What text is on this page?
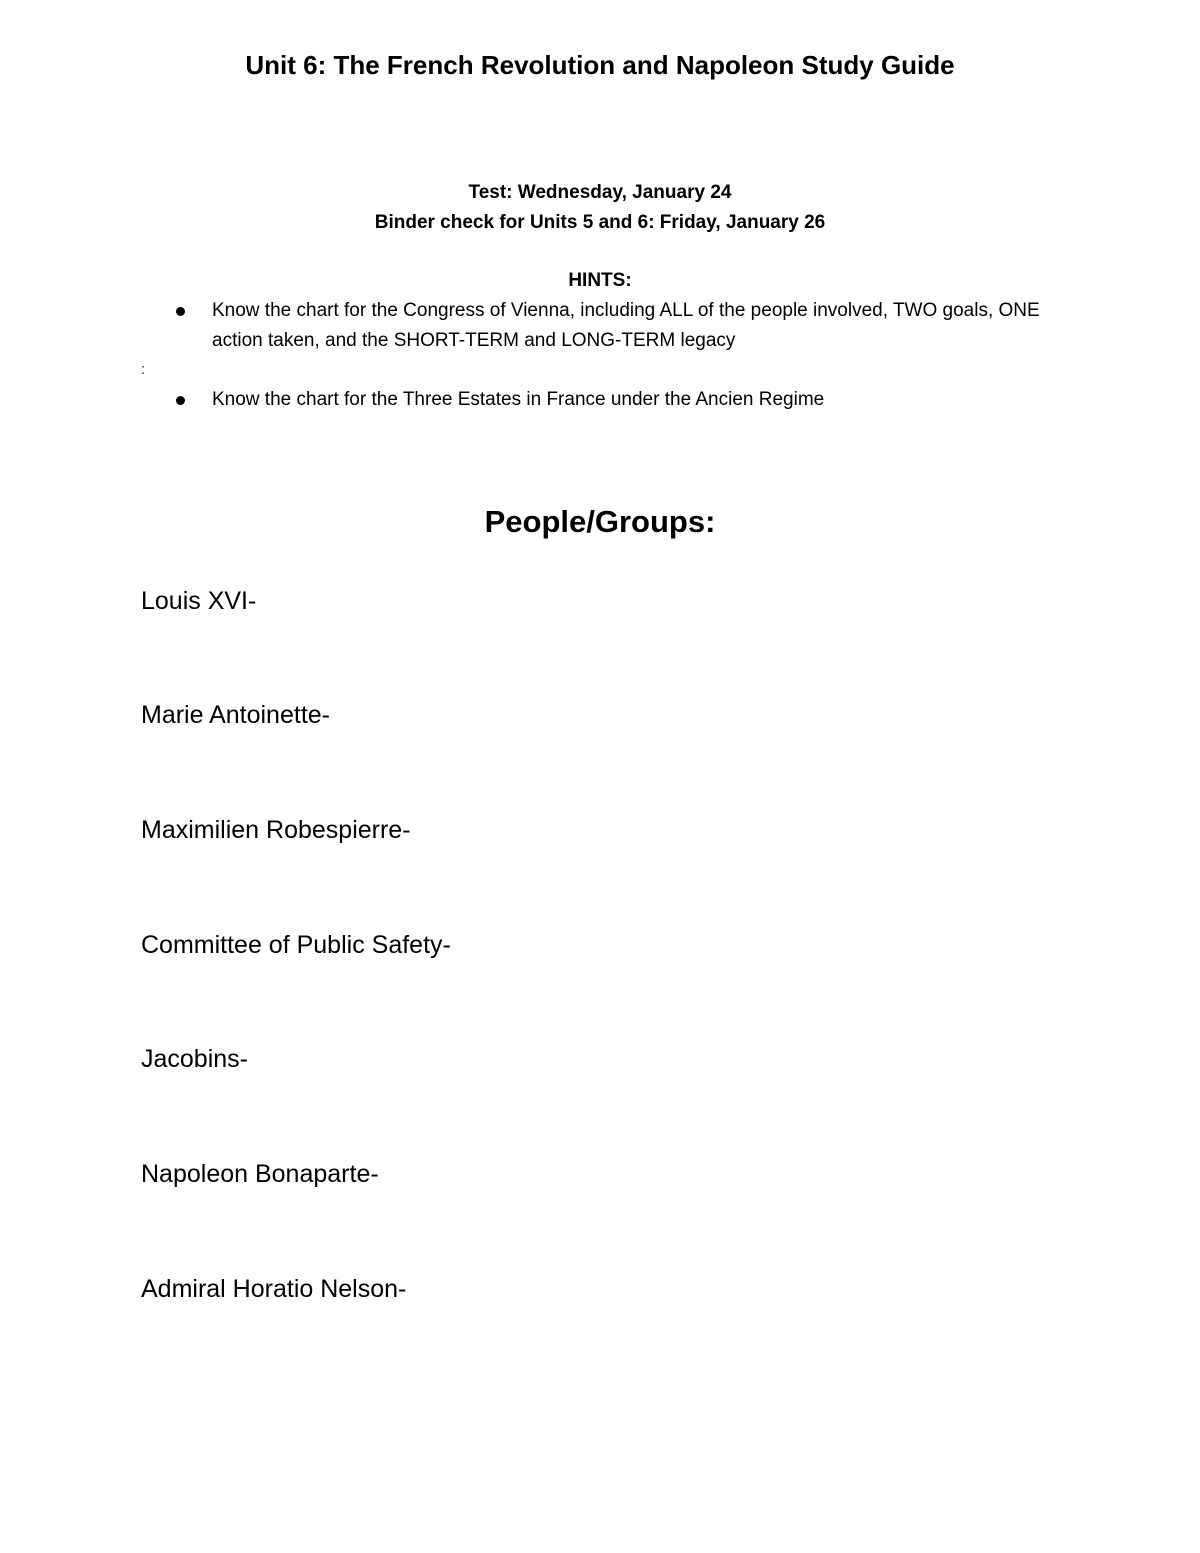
Unit 6: The French Revolution and Napoleon Study Guide
Test: Wednesday, January 24
Binder check for Units 5 and 6: Friday, January 26
HINTS:
Know the chart for the Congress of Vienna, including ALL of the people involved, TWO goals, ONE action taken, and the SHORT-TERM and LONG-TERM legacy
:
Know the chart for the Three Estates in France under the Ancien Regime
People/Groups:
Louis XVI-
Marie Antoinette-
Maximilien Robespierre-
Committee of Public Safety-
Jacobins-
Napoleon Bonaparte-
Admiral Horatio Nelson-
